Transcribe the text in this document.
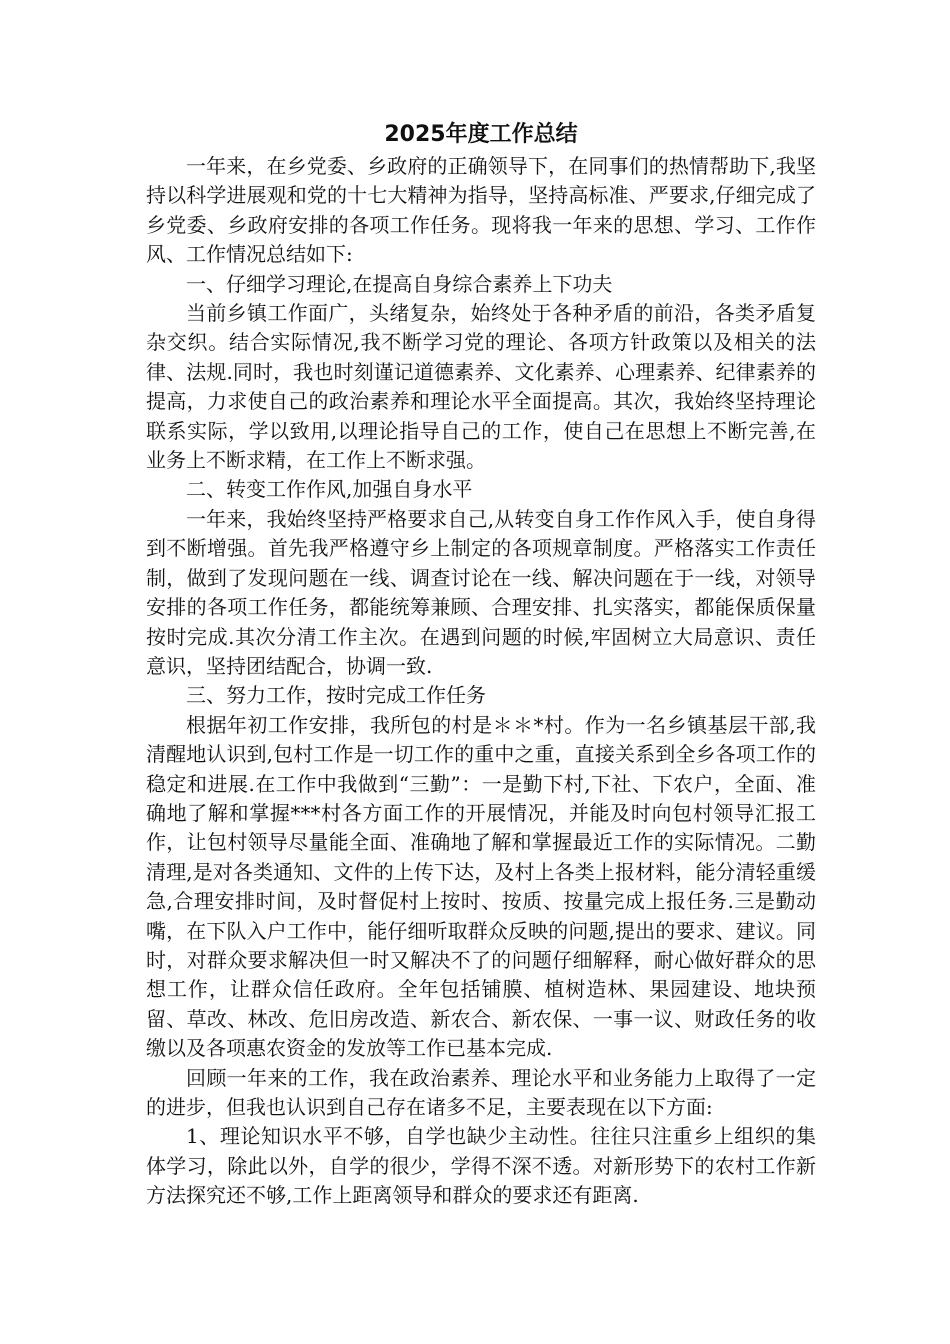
2025年度工作总结

一年来，在乡党委、乡政府的正确领导下，在同事们的热情帮助下,我坚持以科学进展观和党的十七大精神为指导，坚持高标准、严要求,仔细完成了乡党委、乡政府安排的各项工作任务。现将我一年来的思想、学习、工作作风、工作情况总结如下:

一、仔细学习理论,在提高自身综合素养上下功夫

当前乡镇工作面广，头绪复杂，始终处于各种矛盾的前沿，各类矛盾复杂交织。结合实际情况,我不断学习党的理论、各项方针政策以及相关的法律、法规.同时，我也时刻谨记道德素养、文化素养、心理素养、纪律素养的提高，力求使自己的政治素养和理论水平全面提高。其次，我始终坚持理论联系实际，学以致用,以理论指导自己的工作，使自己在思想上不断完善,在业务上不断求精，在工作上不断求强。

二、转变工作作风,加强自身水平

一年来，我始终坚持严格要求自己,从转变自身工作作风入手，使自身得到不断增强。首先我严格遵守乡上制定的各项规章制度。严格落实工作责任制，做到了发现问题在一线、调查讨论在一线、解决问题在于一线，对领导安排的各项工作任务，都能统筹兼顾、合理安排、扎实落实，都能保质保量按时完成.其次分清工作主次。在遇到问题的时候,牢固树立大局意识、责任意识，坚持团结配合，协调一致.

三、努力工作，按时完成工作任务

根据年初工作安排，我所包的村是＊＊*村。作为一名乡镇基层干部,我清醒地认识到,包村工作是一切工作的重中之重，直接关系到全乡各项工作的稳定和进展.在工作中我做到“三勤”：一是勤下村,下社、下农户，全面、准确地了解和掌握***村各方面工作的开展情况，并能及时向包村领导汇报工作，让包村领导尽量能全面、准确地了解和掌握最近工作的实际情况。二勤清理,是对各类通知、文件的上传下达，及村上各类上报材料，能分清轻重缓急,合理安排时间，及时督促村上按时、按质、按量完成上报任务.三是勤动嘴，在下队入户工作中，能仔细听取群众反映的问题,提出的要求、建议。同时，对群众要求解决但一时又解决不了的问题仔细解释，耐心做好群众的思想工作，让群众信任政府。全年包括铺膜、植树造林、果园建设、地块预留、草改、林改、危旧房改造、新农合、新农保、一事一议、财政任务的收缴以及各项惠农资金的发放等工作已基本完成.

回顾一年来的工作，我在政治素养、理论水平和业务能力上取得了一定的进步，但我也认识到自己存在诸多不足，主要表现在以下方面:

1、理论知识水平不够，自学也缺少主动性。往往只注重乡上组织的集体学习，除此以外，自学的很少，学得不深不透。对新形势下的农村工作新方法探究还不够,工作上距离领导和群众的要求还有距离.
